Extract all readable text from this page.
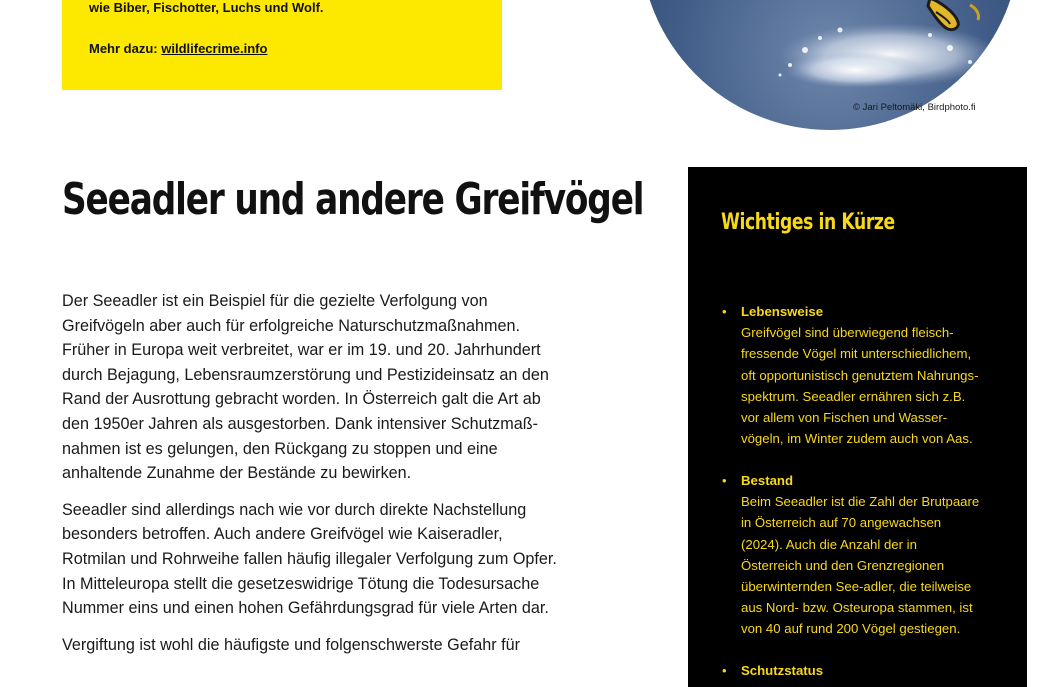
wie Biber, Fischotter, Luchs und Wolf.
Mehr dazu: wildlifecrime.info
© Jari Peltomäki, Birdphoto.fi
Seeadler und andere Greifvögel
Der Seeadler ist ein Beispiel für die gezielte Verfolgung von
Greifvögeln aber auch für erfolgreiche Naturschutzmaßnahmen.
Früher in Europa weit verbreitet, war er im 19. und 20. Jahrhundert
durch Bejagung, Lebensraumzerstörung und Pestizideinsatz an den
Rand der Ausrottung gebracht worden. In Österreich galt die Art ab
den 1950er Jahren als ausgestorben. Dank intensiver Schutzmaß-
nahmen ist es gelungen, den Rückgang zu stoppen und eine
anhaltende Zunahme der Bestände zu bewirken.
Seeadler sind allerdings nach wie vor durch direkte Nachstellung
besonders betroffen. Auch andere Greifvögel wie Kaiseradler,
Rotmilan und Rohrweihe fallen häufig illegaler Verfolgung zum Opfer.
In Mitteleuropa stellt die gesetzeswidrige Tötung die Todesursache
Nummer eins und einen hohen Gefährdungsgrad für viele Arten dar.
Vergiftung ist wohl die häufigste und folgenschwerste Gefahr für
Wichtiges in Kürze
• Lebensweise
Greifvögel sind überwiegend fleisch-
fressende Vögel mit unterschiedlichem,
oft opportunistisch genutztem Nahrungs-
spektrum. Seeadler ernähren sich z.B.
vor allem von Fischen und Wasser-
vögeln, im Winter zudem auch von Aas.
• Bestand
Beim Seeadler ist die Zahl der Brutpaare
in Österreich auf 70 angewachsen
(2024). Auch die Anzahl der in
Österreich und den Grenzregionen
überwinternden See-adler, die teilweise
aus Nord- bzw. Osteuropa stammen, ist
von 40 auf rund 200 Vögel gestiegen.
• Schutzstatus
